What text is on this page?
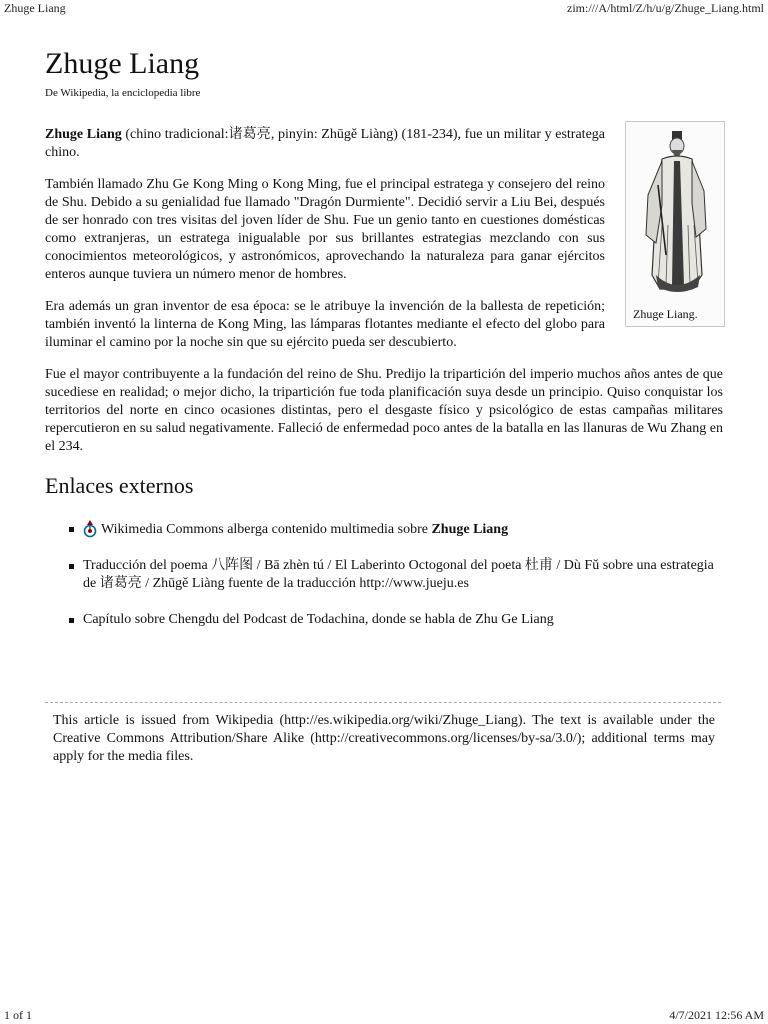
Zhuge Liang	zim:///A/html/Z/h/u/g/Zhuge_Liang.html
Zhuge Liang
De Wikipedia, la enciclopedia libre
Zhuge Liang.

Zhuge Liang (chino tradicional:诸葛亮, pinyin: Zhūgě Liàng) (181-234), fue un militar y estratega chino.

También llamado Zhu Ge Kong Ming o Kong Ming, fue el principal estratega y consejero del reino de Shu. Debido a su genialidad fue llamado "Dragón Durmiente". Decidió servir a Liu Bei, después de ser honrado con tres visitas del joven líder de Shu. Fue un genio tanto en cuestiones domésticas como extranjeras, un estratega inigualable por sus brillantes estrategias mezclando con sus conocimientos meteorológicos, y astronómicos, aprovechando la naturaleza para ganar ejércitos enteros aunque tuviera un número menor de hombres.

Era además un gran inventor de esa época: se le atribuye la invención de la ballesta de repetición; también inventó la linterna de Kong Ming, las lámparas flotantes mediante el efecto del globo para iluminar el camino por la noche sin que su ejército pueda ser descubierto.

Fue el mayor contribuyente a la fundación del reino de Shu. Predijo la tripartición del imperio muchos años antes de que sucediese en realidad; o mejor dicho, la tripartición fue toda planificación suya desde un principio. Quiso conquistar los territorios del norte en cinco ocasiones distintas, pero el desgaste físico y psicológico de estas campañas militares repercutieron en su salud negativamente. Falleció de enfermedad poco antes de la batalla en las llanuras de Wu Zhang en el 234.

Enlaces externos
Wikimedia Commons alberga contenido multimedia sobre Zhuge Liang
Traducción del poema 八阵图 / Bā zhèn tú / El Laberinto Octogonal del poeta 杜甫 / Dù Fǔ sobre una estrategia de 诸葛亮 / Zhūgě Liàng fuente de la traducción http://www.jueju.es
Capítulo sobre Chengdu del Podcast de Todachina, donde se habla de Zhu Ge Liang
This article is issued from Wikipedia (http://es.wikipedia.org/wiki/Zhuge_Liang). The text is available under the Creative Commons Attribution/Share Alike (http://creativecommons.org/licenses/by-sa/3.0/); additional terms may apply for the media files.
1 of 1	4/7/2021 12:56 AM
